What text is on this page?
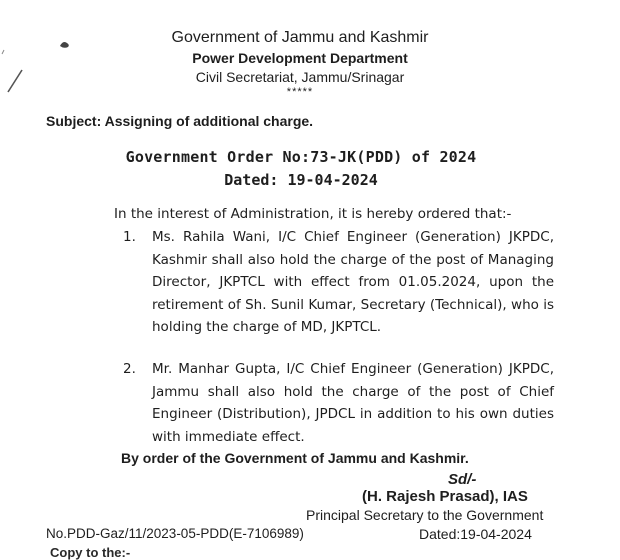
Government of Jammu and Kashmir
Power Development Department
Civil Secretariat, Jammu/Srinagar
*****
Subject: Assigning of additional charge.
Government Order No:73-JK(PDD) of 2024
Dated: 19-04-2024
In the interest of Administration, it is hereby ordered that:-
1. Ms. Rahila Wani, I/C Chief Engineer (Generation) JKPDC, Kashmir shall also hold the charge of the post of Managing Director, JKPTCL with effect from 01.05.2024, upon the retirement of Sh. Sunil Kumar, Secretary (Technical), who is holding the charge of MD, JKPTCL.
2. Mr. Manhar Gupta, I/C Chief Engineer (Generation) JKPDC, Jammu shall also hold the charge of the post of Chief Engineer (Distribution), JPDCL in addition to his own duties with immediate effect.
By order of the Government of Jammu and Kashmir.
Sd/-
(H. Rajesh Prasad), IAS
Principal Secretary to the Government
No.PDD-Gaz/11/2023-05-PDD(E-7106989)	Dated:19-04-2024
Copy to the:-
